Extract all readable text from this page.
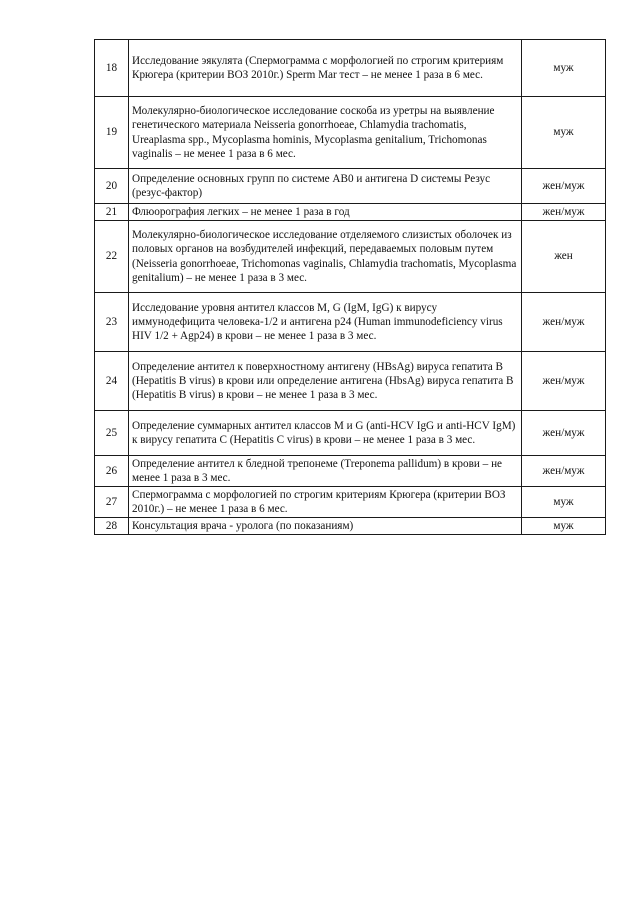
18	Исследование эякулята (Спермограмма с морфологией по строгим критериям Крюгера (критерии ВОЗ 2010г.) Sperm Mar тест – не менее 1 раза в 6 мес.	муж
19	Молекулярно-биологическое исследование соскоба из уретры на выявление генетического материала Neisseria gonorrhoeae, Chlamydia trachomatis, Ureaplasma spp., Mycoplasma hominis, Mycoplasma genitalium, Trichomonas vaginalis – не менее 1 раза в 6 мес.	муж
20	Определение основных групп по системе AB0 и антигена D системы Резус (резус-фактор)	жен/муж
21	Флюорография легких – не менее 1 раза в год	жен/муж
22	Молекулярно-биологическое исследование отделяемого слизистых оболочек из половых органов на возбудителей инфекций, передаваемых половым путем (Neisseria gonorrhoeae, Trichomonas vaginalis, Chlamydia trachomatis, Mycoplasma genitalium) – не менее 1 раза в 3 мес.	жен
23	Исследование уровня антител классов M, G (IgM, IgG) к вирусу иммунодефицита человека-1/2 и антигена p24 (Human immunodeficiency virus HIV 1/2 + Agp24) в крови – не менее 1 раза в 3 мес.	жен/муж
24	Определение антител к поверхностному антигену (HBsAg) вируса гепатита В (Hepatitis B virus) в крови или определение антигена (HbsAg) вируса гепатита В (Hepatitis B virus) в крови – не менее 1 раза в 3 мес.	жен/муж
25	Определение суммарных антител классов M и G (anti-HCV IgG и anti-HCV IgM) к вирусу гепатита С (Hepatitis C virus) в крови – не менее 1 раза в 3 мес.	жен/муж
26	Определение антител к бледной трепонеме (Treponema pallidum) в крови – не менее 1 раза в 3 мес.	жен/муж
27	Спермограмма с морфологией по строгим критериям Крюгера (критерии ВОЗ 2010г.) – не менее 1 раза в 6 мес.	муж
28	Консультация врача - уролога (по показаниям)	муж
